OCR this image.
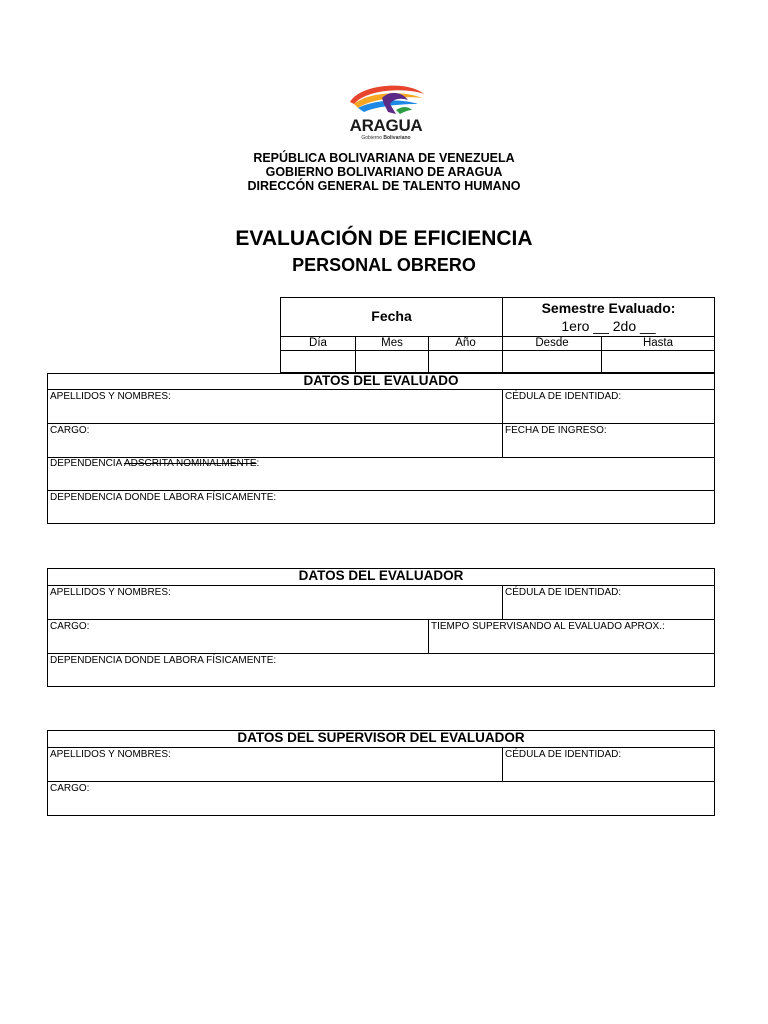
ARAGUA
Gobierno Bolivariano
REPÚBLICA BOLIVARIANA DE VENEZUELA
GOBIERNO BOLIVARIANO DE ARAGUA
DIRECCÓN GENERAL DE TALENTO HUMANO
EVALUACIÓN DE EFICIENCIA
PERSONAL OBRERO
Fecha	Semestre Evaluado:
1ero __ 2do __
Día	Mes	Año	Desde	Hasta
DATOS DEL EVALUADO
APELLIDOS Y NOMBRES:	CÉDULA DE IDENTIDAD:
CARGO:	FECHA DE INGRESO:
DEPENDENCIA ADSCRITA NOMINALMENTE:
DEPENDENCIA DONDE LABORA FÍSICAMENTE:
DATOS DEL EVALUADOR
APELLIDOS Y NOMBRES:	CÉDULA DE IDENTIDAD:
CARGO:	TIEMPO SUPERVISANDO AL EVALUADO APROX.:
DEPENDENCIA DONDE LABORA FÍSICAMENTE:
DATOS DEL SUPERVISOR DEL EVALUADOR
APELLIDOS Y NOMBRES:	CÉDULA DE IDENTIDAD:
CARGO:
